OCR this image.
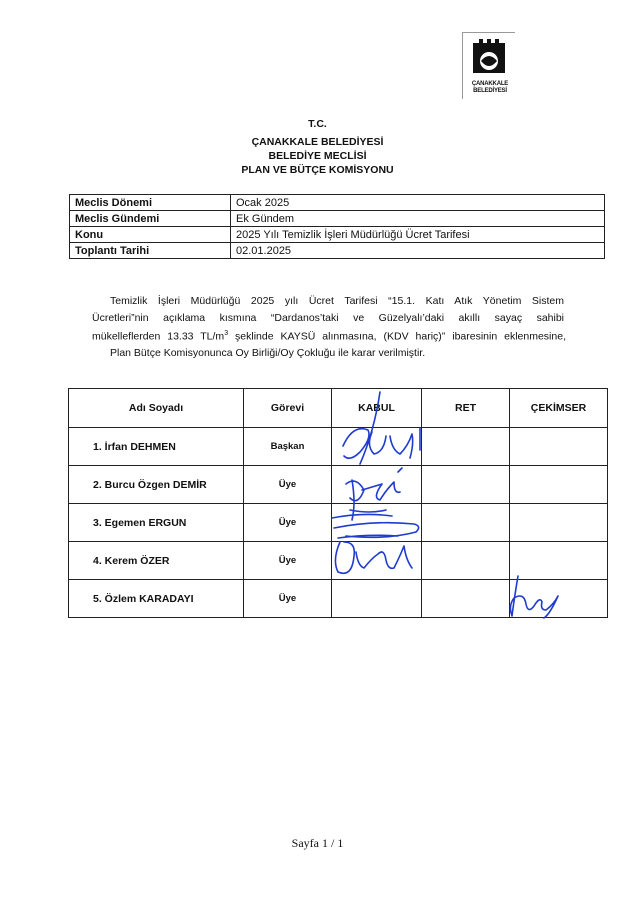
ÇANAKKALE
BELEDİYESİ
T.C.
ÇANAKKALE BELEDİYESİ
BELEDİYE MECLİSİ
PLAN VE BÜTÇE KOMİSYONU
Meclis Dönemi	Ocak 2025
Meclis Gündemi	Ek Gündem
Konu	2025 Yılı Temizlik İşleri Müdürlüğü Ücret Tarifesi
Toplantı Tarihi	02.01.2025
Temizlik İşleri Müdürlüğü 2025 yılı Ücret Tarifesi “15.1. Katı Atık Yönetim Sistem
Ücretleri”nin açıklama kısmına “Dardanos’taki ve Güzelyalı’daki akıllı sayaç sahibi
mükelleflerden 13.33 $TL/m^3$ şeklinde KAYSÜ alınmasına, (KDV hariç)” ibaresinin eklenmesine,
Plan Bütçe Komisyonunca Oy Birliği/Oy Çokluğu ile karar verilmiştir.
Adı Soyadı	Görevi	KABUL	RET	ÇEKİMSER
1. İrfan DEHMEN	Başkan			
2. Burcu Özgen DEMİR	Üye			
3. Egemen ERGUN	Üye			
4. Kerem ÖZER	Üye			
5. Özlem KARADAYI	Üye			
Sayfa 1 / 1
